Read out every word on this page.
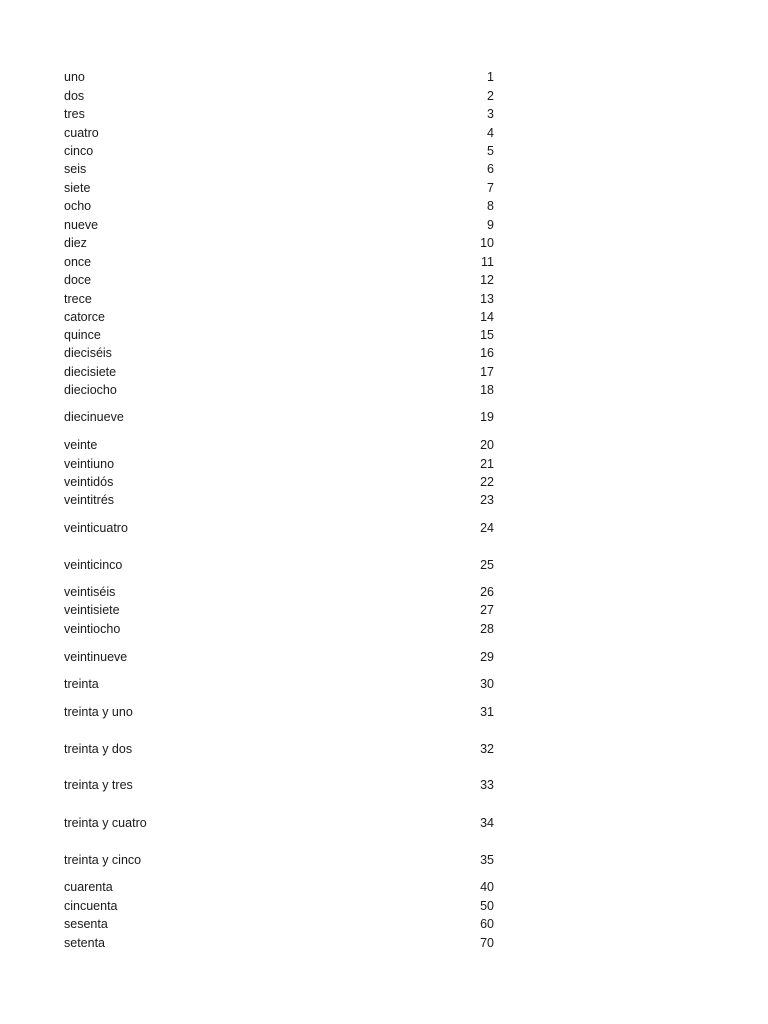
uno	1
dos	2
tres	3
cuatro	4
cinco	5
seis	6
siete	7
ocho	8
nueve	9
diez	10
once	11
doce	12
trece	13
catorce	14
quince	15
dieciséis	16
diecisiete	17
dieciocho	18
diecinueve	19
veinte	20
veintiuno	21
veintidós	22
veintitrés	23
veinticuatro	24
veinticinco	25
veintiséis	26
veintisiete	27
veintiocho	28
veintinueve	29
treinta	30
treinta y uno	31
treinta y dos	32
treinta y tres	33
treinta y cuatro	34
treinta y cinco	35
cuarenta	40
cincuenta	50
sesenta	60
setenta	70
